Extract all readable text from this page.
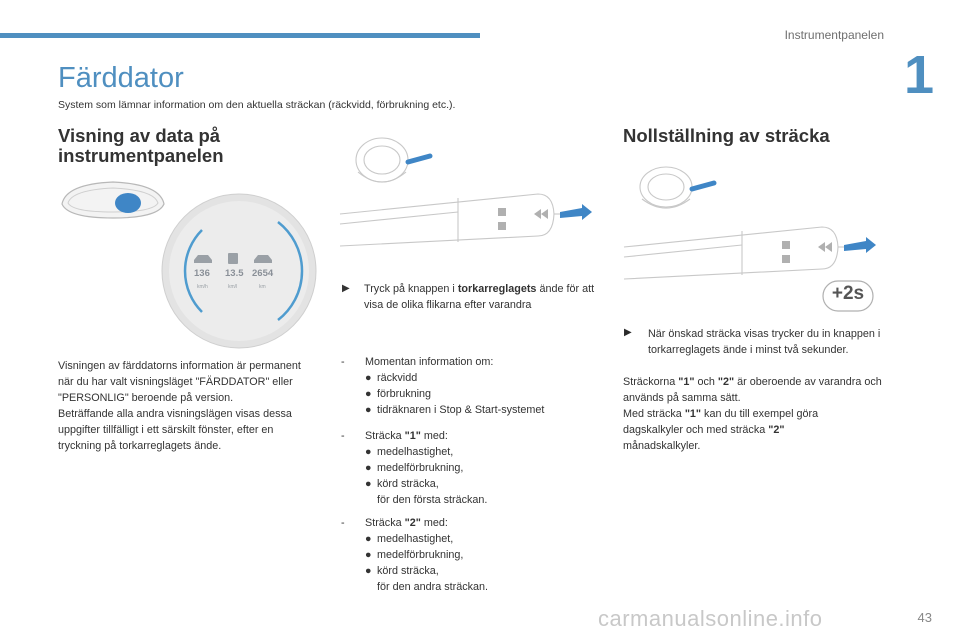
Instrumentpanelen
1
Färddator
System som lämnar information om den aktuella sträckan (räckvidd, förbrukning etc.).
Visning av data på instrumentpanelen
136 13.5 2654
km/h	km/l	km
Visningen av färddatorns information är permanent när du har valt visningsläget "FÄRDDATOR" eller "PERSONLIG" beroende på version.
Beträffande alla andra visningslägen visas dessa uppgifter tillfälligt i ett särskilt fönster, efter en tryckning på torkarreglagets ände.
▶ Tryck på knappen i torkarreglagets ände för att visa de olika flikarna efter varandra
- Momentan information om:
● räckvidd
● förbrukning
● tidräknaren i Stop & Start-systemet
- Sträcka "1" med:
● medelhastighet,
● medelförbrukning,
● körd sträcka,
för den första sträckan.
- Sträcka "2" med:
● medelhastighet,
● medelförbrukning,
● körd sträcka,
för den andra sträckan.
Nollställning av sträcka
+2s
När önskad sträcka visas trycker du in knappen i torkarreglagets ände i minst två sekunder.
▶
Sträckorna "1" och "2" är oberoende av varandra och används på samma sätt.
Med sträcka "1" kan du till exempel göra dagskalkyler och med sträcka "2" månadskalkyler.
carmanualsonline.info	43
